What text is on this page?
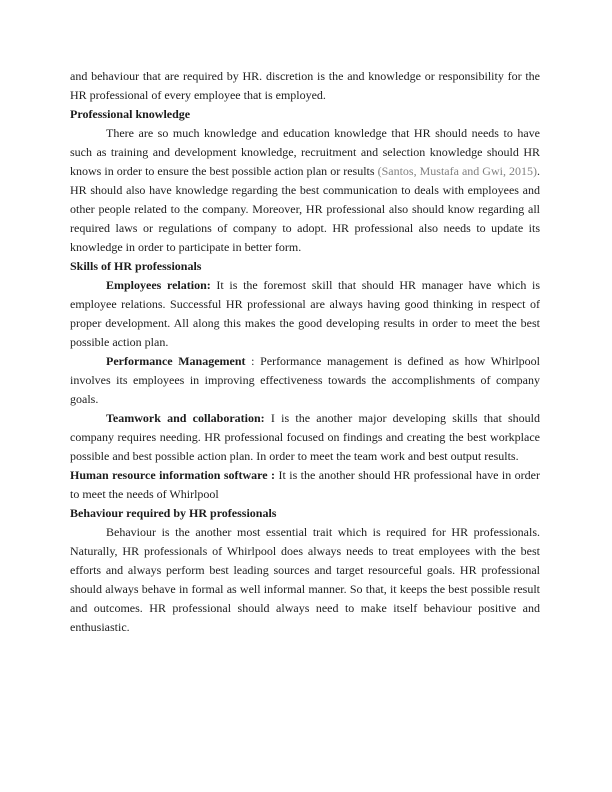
and behaviour that are required by HR. discretion is the and knowledge or responsibility for the HR professional of every employee that is employed.

Professional knowledge

There are so much knowledge and education knowledge that HR should needs to have such as training and development knowledge, recruitment and selection knowledge should HR knows in order to ensure the best possible action plan or results (Santos, Mustafa and Gwi, 2015). HR should also have knowledge regarding the best communication to deals with employees and other people related to the company. Moreover, HR professional also should know regarding all required laws or regulations of company to adopt. HR professional also needs to update its knowledge in order to participate in better form.

Skills of HR professionals

Employees relation: It is the foremost skill that should HR manager have which is employee relations. Successful HR professional are always having good thinking in respect of proper development. All along this makes the good developing results in order to meet the best possible action plan.

Performance Management : Performance management is defined as how Whirlpool involves its employees in improving effectiveness towards the accomplishments of company goals.

Teamwork and collaboration: I is the another major developing skills that should company requires needing. HR professional focused on findings and creating the best workplace possible and best possible action plan. In order to meet the team work and best output results.

Human resource information software : It is the another should HR professional have in order to meet the needs of Whirlpool

Behaviour required by HR professionals

Behaviour is the another most essential trait which is required for HR professionals. Naturally, HR professionals of Whirlpool does always needs to treat employees with the best efforts and always perform best leading sources and target resourceful goals. HR professional should always behave in formal as well informal manner. So that, it keeps the best possible result and outcomes. HR professional should always need to make itself behaviour positive and enthusiastic.
